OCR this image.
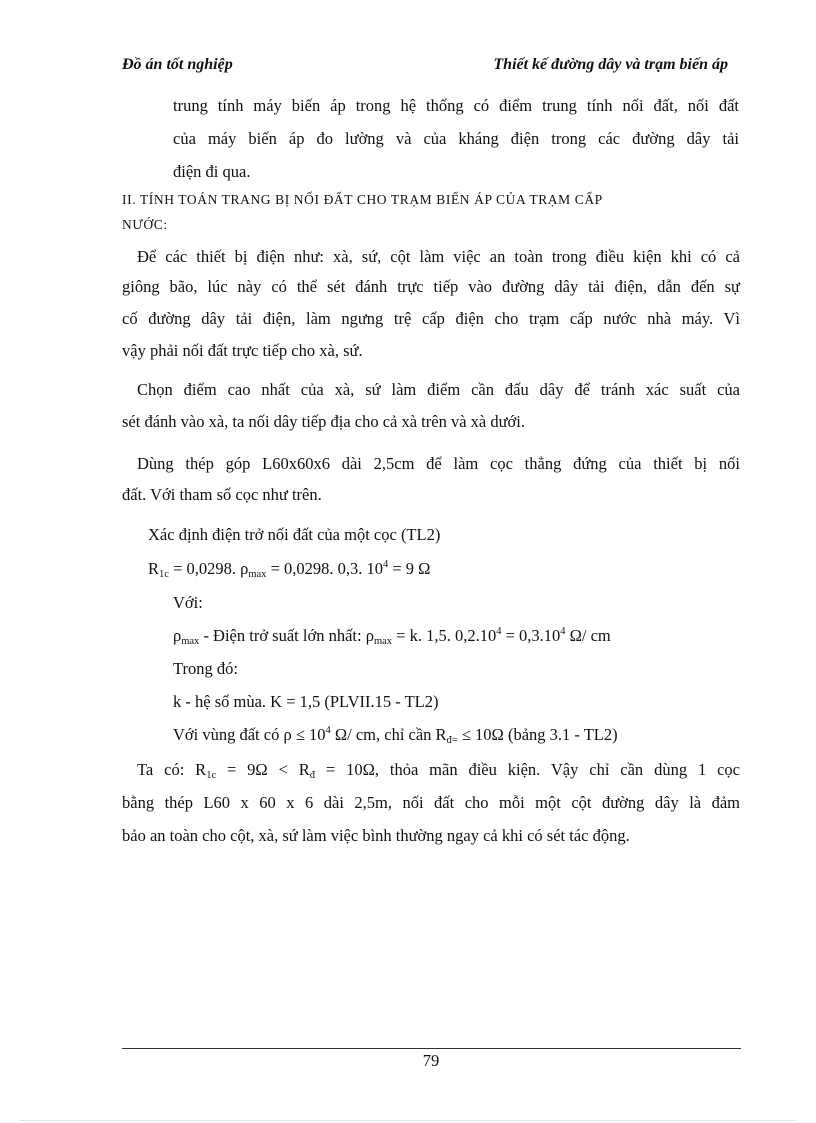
Đồ án tốt nghiệp	Thiết kế đường dây và trạm biến áp
trung tính máy biến áp trong hệ thống có điểm trung tính nối đất, nối đất
của máy biến áp đo lường và của kháng điện trong các đường dây tải
điện đi qua.
II. TÍNH TOÁN TRANG BỊ NỐI ĐẤT CHO TRẠM BIẾN ÁP CỦA TRẠM CẤP
NƯỚC:
Để các thiết bị điện như: xà, sứ, cột làm việc an toàn trong điều kiện khi có cả
giông bão, lúc này có thể sét đánh trực tiếp vào đường dây tải điện, dẫn đến sự
cố đường dây tải điện, làm ngưng trệ cấp điện cho trạm cấp nước nhà máy. Vì
vậy phải nối đất trực tiếp cho xà, sứ.
Chọn điểm cao nhất của xà, sứ làm điểm cần đấu dây để tránh xác suất của
sét đánh vào xà, ta nối dây tiếp địa cho cả xà trên và xà dưới.
Dùng thép góp L60x60x6 dài 2,5cm để làm cọc thẳng đứng của thiết bị nối
đất. Với tham số cọc như trên.
Xác định điện trở nối đất của một cọc (TL2)
$R_{1c} = 0,0298$. $\rho_{max} = 0,0298$. 0,3. $10^4 = 9$ Ω
Với:
$\rho_{max}$ - Điện trở suất lớn nhất: $\rho_{max} = k$. 1,5. $0,2.10^4 = 0,3.10^4$ Ω/ cm
Trong đó:
k - hệ số mùa. K = 1,5 (PLVII.15 - TL2)
Với vùng đất có $\rho \le 10^4$ Ω/ cm, chỉ cần $R_{đ=} \le 10\Omega$ (bảng 3.1 - TL2)
Ta có: $R_{1c} = 9\Omega < R_đ = 10\Omega$, thỏa mãn điều kiện. Vậy chỉ cần dùng 1 cọc
bằng thép L60 x 60 x 6 dài 2,5m, nối đất cho mỗi một cột đường dây là đảm
bảo an toàn cho cột, xà, sứ làm việc bình thường ngay cả khi có sét tác động.
79
